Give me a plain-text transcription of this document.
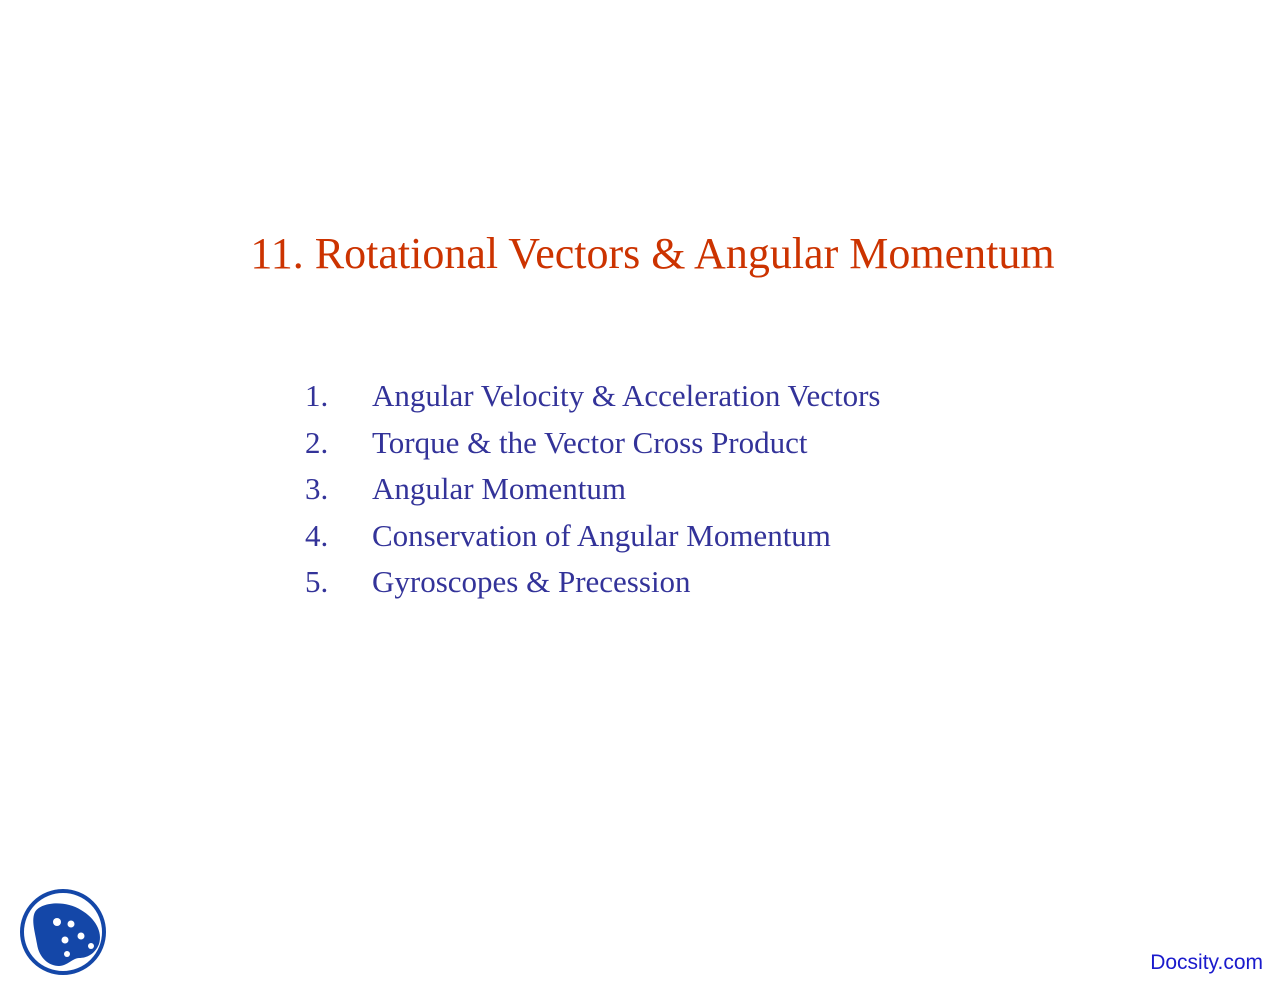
11. Rotational Vectors & Angular Momentum
1.	Angular Velocity & Acceleration Vectors
2.	Torque & the Vector Cross Product
3.	Angular Momentum
4.	Conservation of Angular Momentum
5.	Gyroscopes & Precession
Docsity.com
